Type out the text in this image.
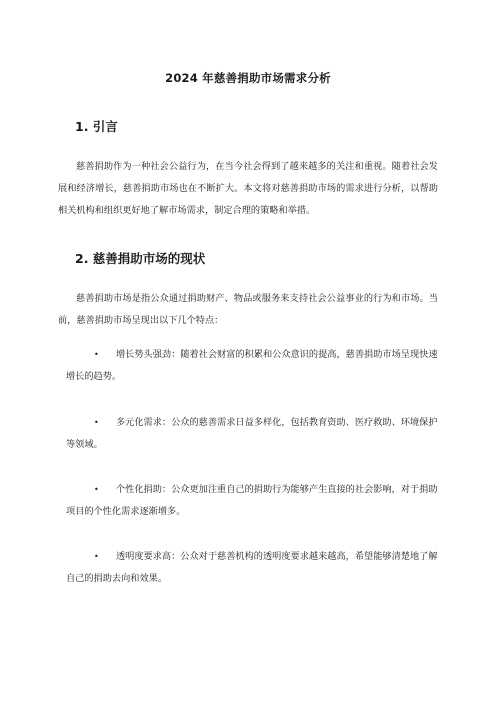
2024 年慈善捐助市场需求分析
1. 引言

慈善捐助作为一种社会公益行为，在当今社会得到了越来越多的关注和重视。随着社会发展和经济增长，慈善捐助市场也在不断扩大。本文将对慈善捐助市场的需求进行分析，以帮助相关机构和组织更好地了解市场需求，制定合理的策略和举措。

2. 慈善捐助市场的现状

慈善捐助市场是指公众通过捐助财产、物品或服务来支持社会公益事业的行为和市场。当前，慈善捐助市场呈现出以下几个特点：

• 增长势头强劲：随着社会财富的积累和公众意识的提高，慈善捐助市场呈现快速增长的趋势。

• 多元化需求：公众的慈善需求日益多样化，包括教育资助、医疗救助、环境保护等领域。

• 个性化捐助：公众更加注重自己的捐助行为能够产生直接的社会影响，对于捐助项目的个性化需求逐渐增多。

• 透明度要求高：公众对于慈善机构的透明度要求越来越高，希望能够清楚地了解自己的捐助去向和效果。
